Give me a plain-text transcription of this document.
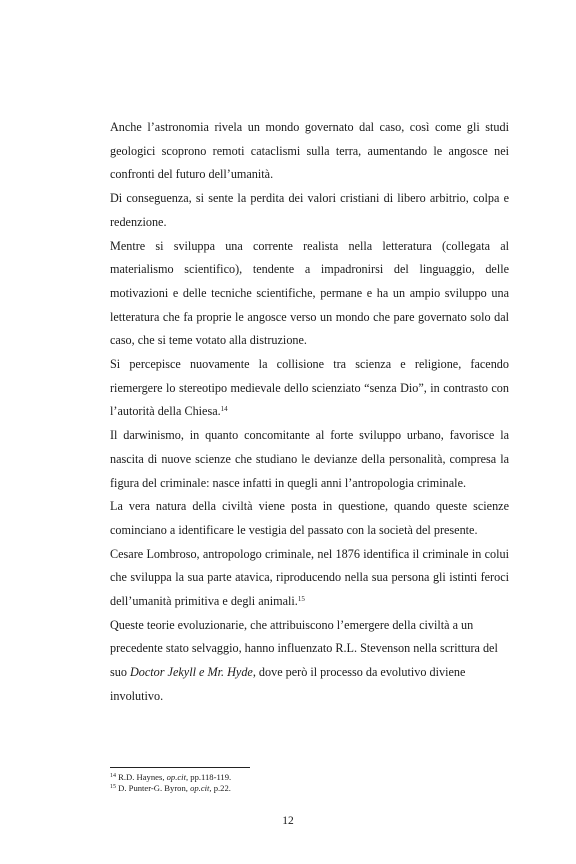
Anche l’astronomia rivela un mondo governato dal caso, così come gli studi geologici scoprono remoti cataclismi sulla terra, aumentando le angosce nei confronti del futuro dell’umanità.

Di conseguenza, si sente la perdita dei valori cristiani di libero arbitrio, colpa e redenzione.

Mentre si sviluppa una corrente realista nella letteratura (collegata al materialismo scientifico), tendente a impadronirsi del linguaggio, delle motivazioni e delle tecniche scientifiche, permane e ha un ampio sviluppo una letteratura che fa proprie le angosce verso un mondo che pare governato solo dal caso, che si teme votato alla distruzione.

Si percepisce nuovamente la collisione tra scienza e religione, facendo riemergere lo stereotipo medievale dello scienziato “senza Dio”, in contrasto con l’autorità della Chiesa.$^{14}$

Il darwinismo, in quanto concomitante al forte sviluppo urbano, favorisce la nascita di nuove scienze che studiano le devianze della personalità, compresa la figura del criminale: nasce infatti in quegli anni l’antropologia criminale.

La vera natura della civiltà viene posta in questione, quando queste scienze cominciano a identificare le vestigia del passato con la società del presente.

Cesare Lombroso, antropologo criminale, nel 1876 identifica il criminale in colui che sviluppa la sua parte atavica, riproducendo nella sua persona gli istinti feroci dell’umanità primitiva e degli animali.$^{15}$

Queste teorie evoluzionarie, che attribuiscono l’emergere della civiltà a un precedente stato selvaggio, hanno influenzato R.L. Stevenson nella scrittura del suo Doctor Jekyll e Mr. Hyde, dove però il processo da evolutivo diviene involutivo.

$^{14}$ R.D. Haynes, op.cit, pp.118-119.

$^{15}$ D. Punter-G. Byron, op.cit, p.22.

12
